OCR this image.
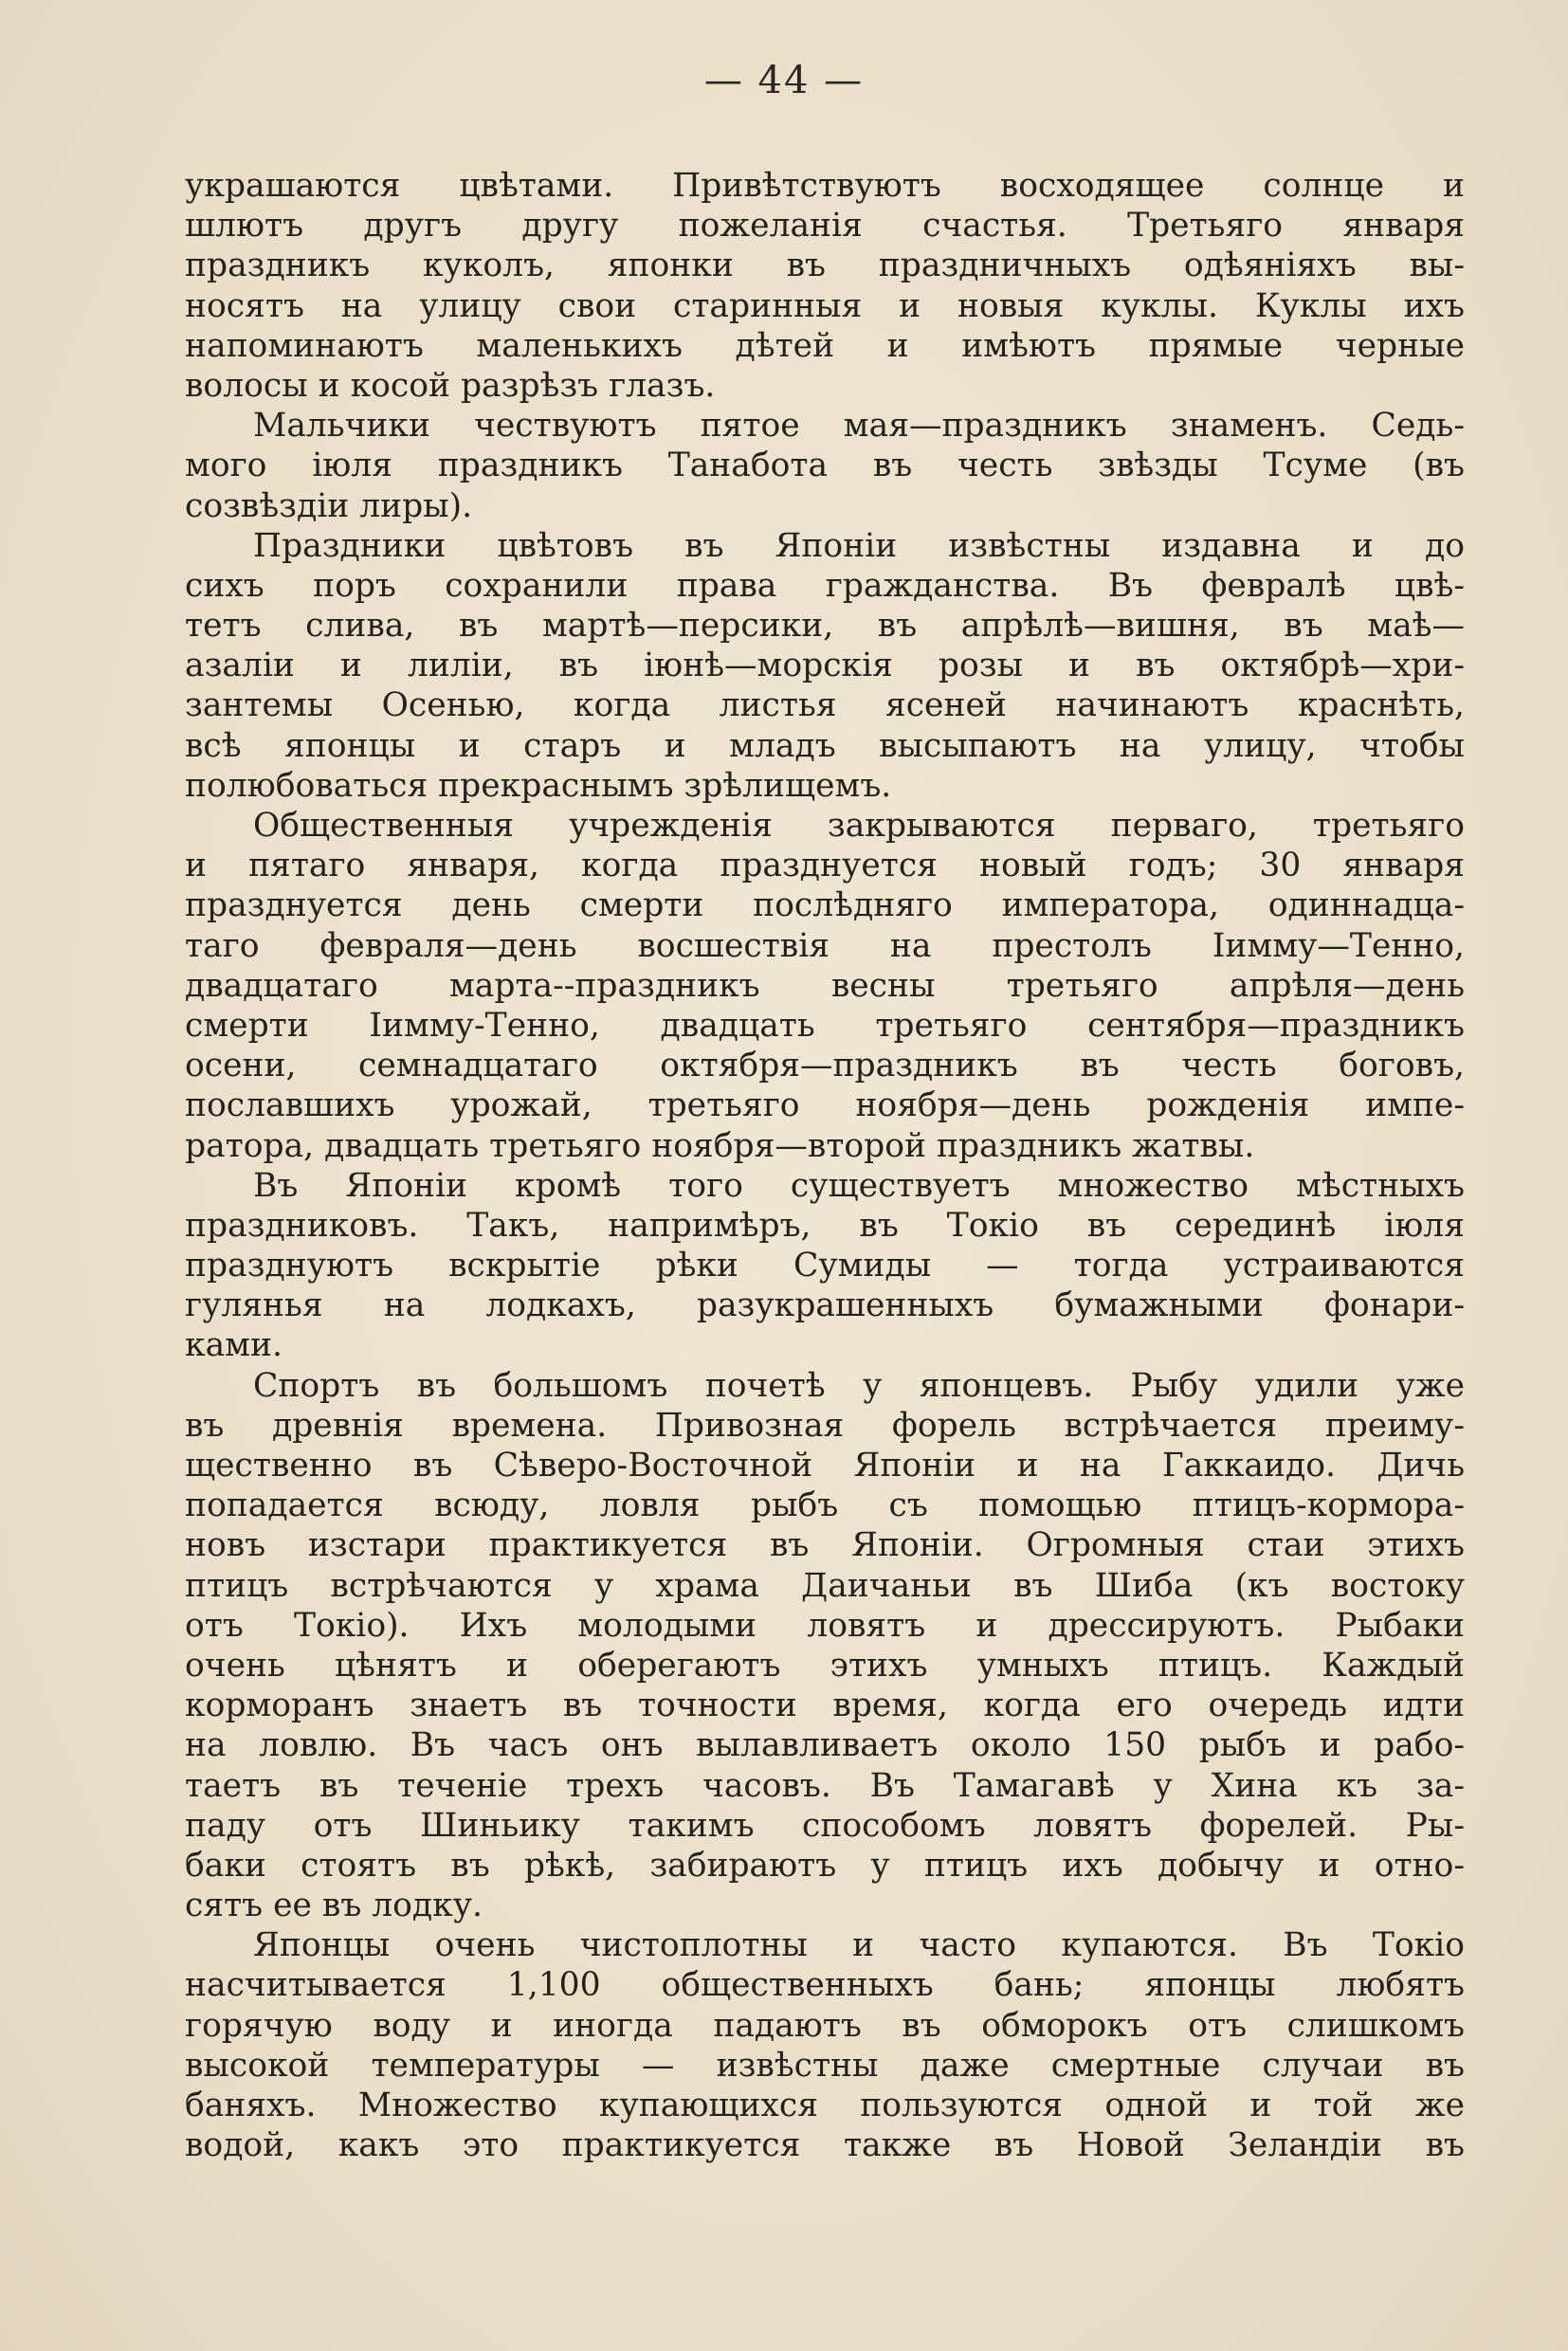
— 44 —
украшаются цвѣтами. Привѣтствуютъ восходящее солнце и
шлютъ другъ другу пожеланія счастья. Третьяго января
праздникъ куколъ, японки въ праздничныхъ одѣяніяхъ вы-
носятъ на улицу свои старинныя и новыя куклы. Куклы ихъ
напоминаютъ маленькихъ дѣтей и имѣютъ прямые черные
волосы и косой разрѣзъ глазъ.
Мальчики чествуютъ пятое мая—праздникъ знаменъ. Седь-
мого іюля праздникъ Танабота въ честь звѣзды Тсуме (въ
созвѣздіи лиры).
Праздники цвѣтовъ въ Японіи извѣстны издавна и до
сихъ поръ сохранили права гражданства. Въ февралѣ цвѣ-
тетъ слива, въ мартѣ—персики, въ апрѣлѣ—вишня, въ маѣ—
азаліи и лиліи, въ іюнѣ—морскія розы и въ октябрѣ—хри-
зантемы Осенью, когда листья ясеней начинаютъ краснѣть,
всѣ японцы и старъ и младъ высыпаютъ на улицу, чтобы
полюбоваться прекраснымъ зрѣлищемъ.
Общественныя учрежденія закрываются перваго, третьяго
и пятаго января, когда празднуется новый годъ; 30 января
празднуется день смерти послѣдняго императора, одиннадца-
таго февраля—день восшествія на престолъ Іимму—Тенно,
двадцатаго марта--праздникъ весны третьяго апрѣля—день
смерти Іимму-Тенно, двадцать третьяго сентября—праздникъ
осени, семнадцатаго октября—праздникъ въ честь боговъ,
пославшихъ урожай, третьяго ноября—день рожденія импе-
ратора, двадцать третьяго ноября—второй праздникъ жатвы.
Въ Японіи кромѣ того существуетъ множество мѣстныхъ
праздниковъ. Такъ, напримѣръ, въ Токіо въ серединѣ іюля
празднуютъ вскрытіе рѣки Сумиды — тогда устраиваются
гулянья на лодкахъ, разукрашенныхъ бумажными фонари-
ками.
Спортъ въ большомъ почетѣ у японцевъ. Рыбу удили уже
въ древнія времена. Привозная форель встрѣчается преиму-
щественно въ Сѣверо-Восточной Японіи и на Гаккаидо. Дичь
попадается всюду, ловля рыбъ съ помощью птицъ-кормора-
новъ изстари практикуется въ Японіи. Огромныя стаи этихъ
птицъ встрѣчаются у храма Даичаньи въ Шиба (къ востоку
отъ Токіо). Ихъ молодыми ловятъ и дрессируютъ. Рыбаки
очень цѣнятъ и оберегаютъ этихъ умныхъ птицъ. Каждый
корморанъ знаетъ въ точности время, когда его очередь идти
на ловлю. Въ часъ онъ вылавливаетъ около 150 рыбъ и рабо-
таетъ въ теченіе трехъ часовъ. Въ Тамагавѣ у Хина къ за-
паду отъ Шиньику такимъ способомъ ловятъ форелей. Ры-
баки стоятъ въ рѣкѣ, забираютъ у птицъ ихъ добычу и отно-
сятъ ее въ лодку.
Японцы очень чистоплотны и часто купаются. Въ Токіо
насчитывается 1,100 общественныхъ бань; японцы любятъ
горячую воду и иногда падаютъ въ обморокъ отъ слишкомъ
высокой температуры — извѣстны даже смертные случаи въ
баняхъ. Множество купающихся пользуются одной и той же
водой, какъ это практикуется также въ Новой Зеландіи въ
